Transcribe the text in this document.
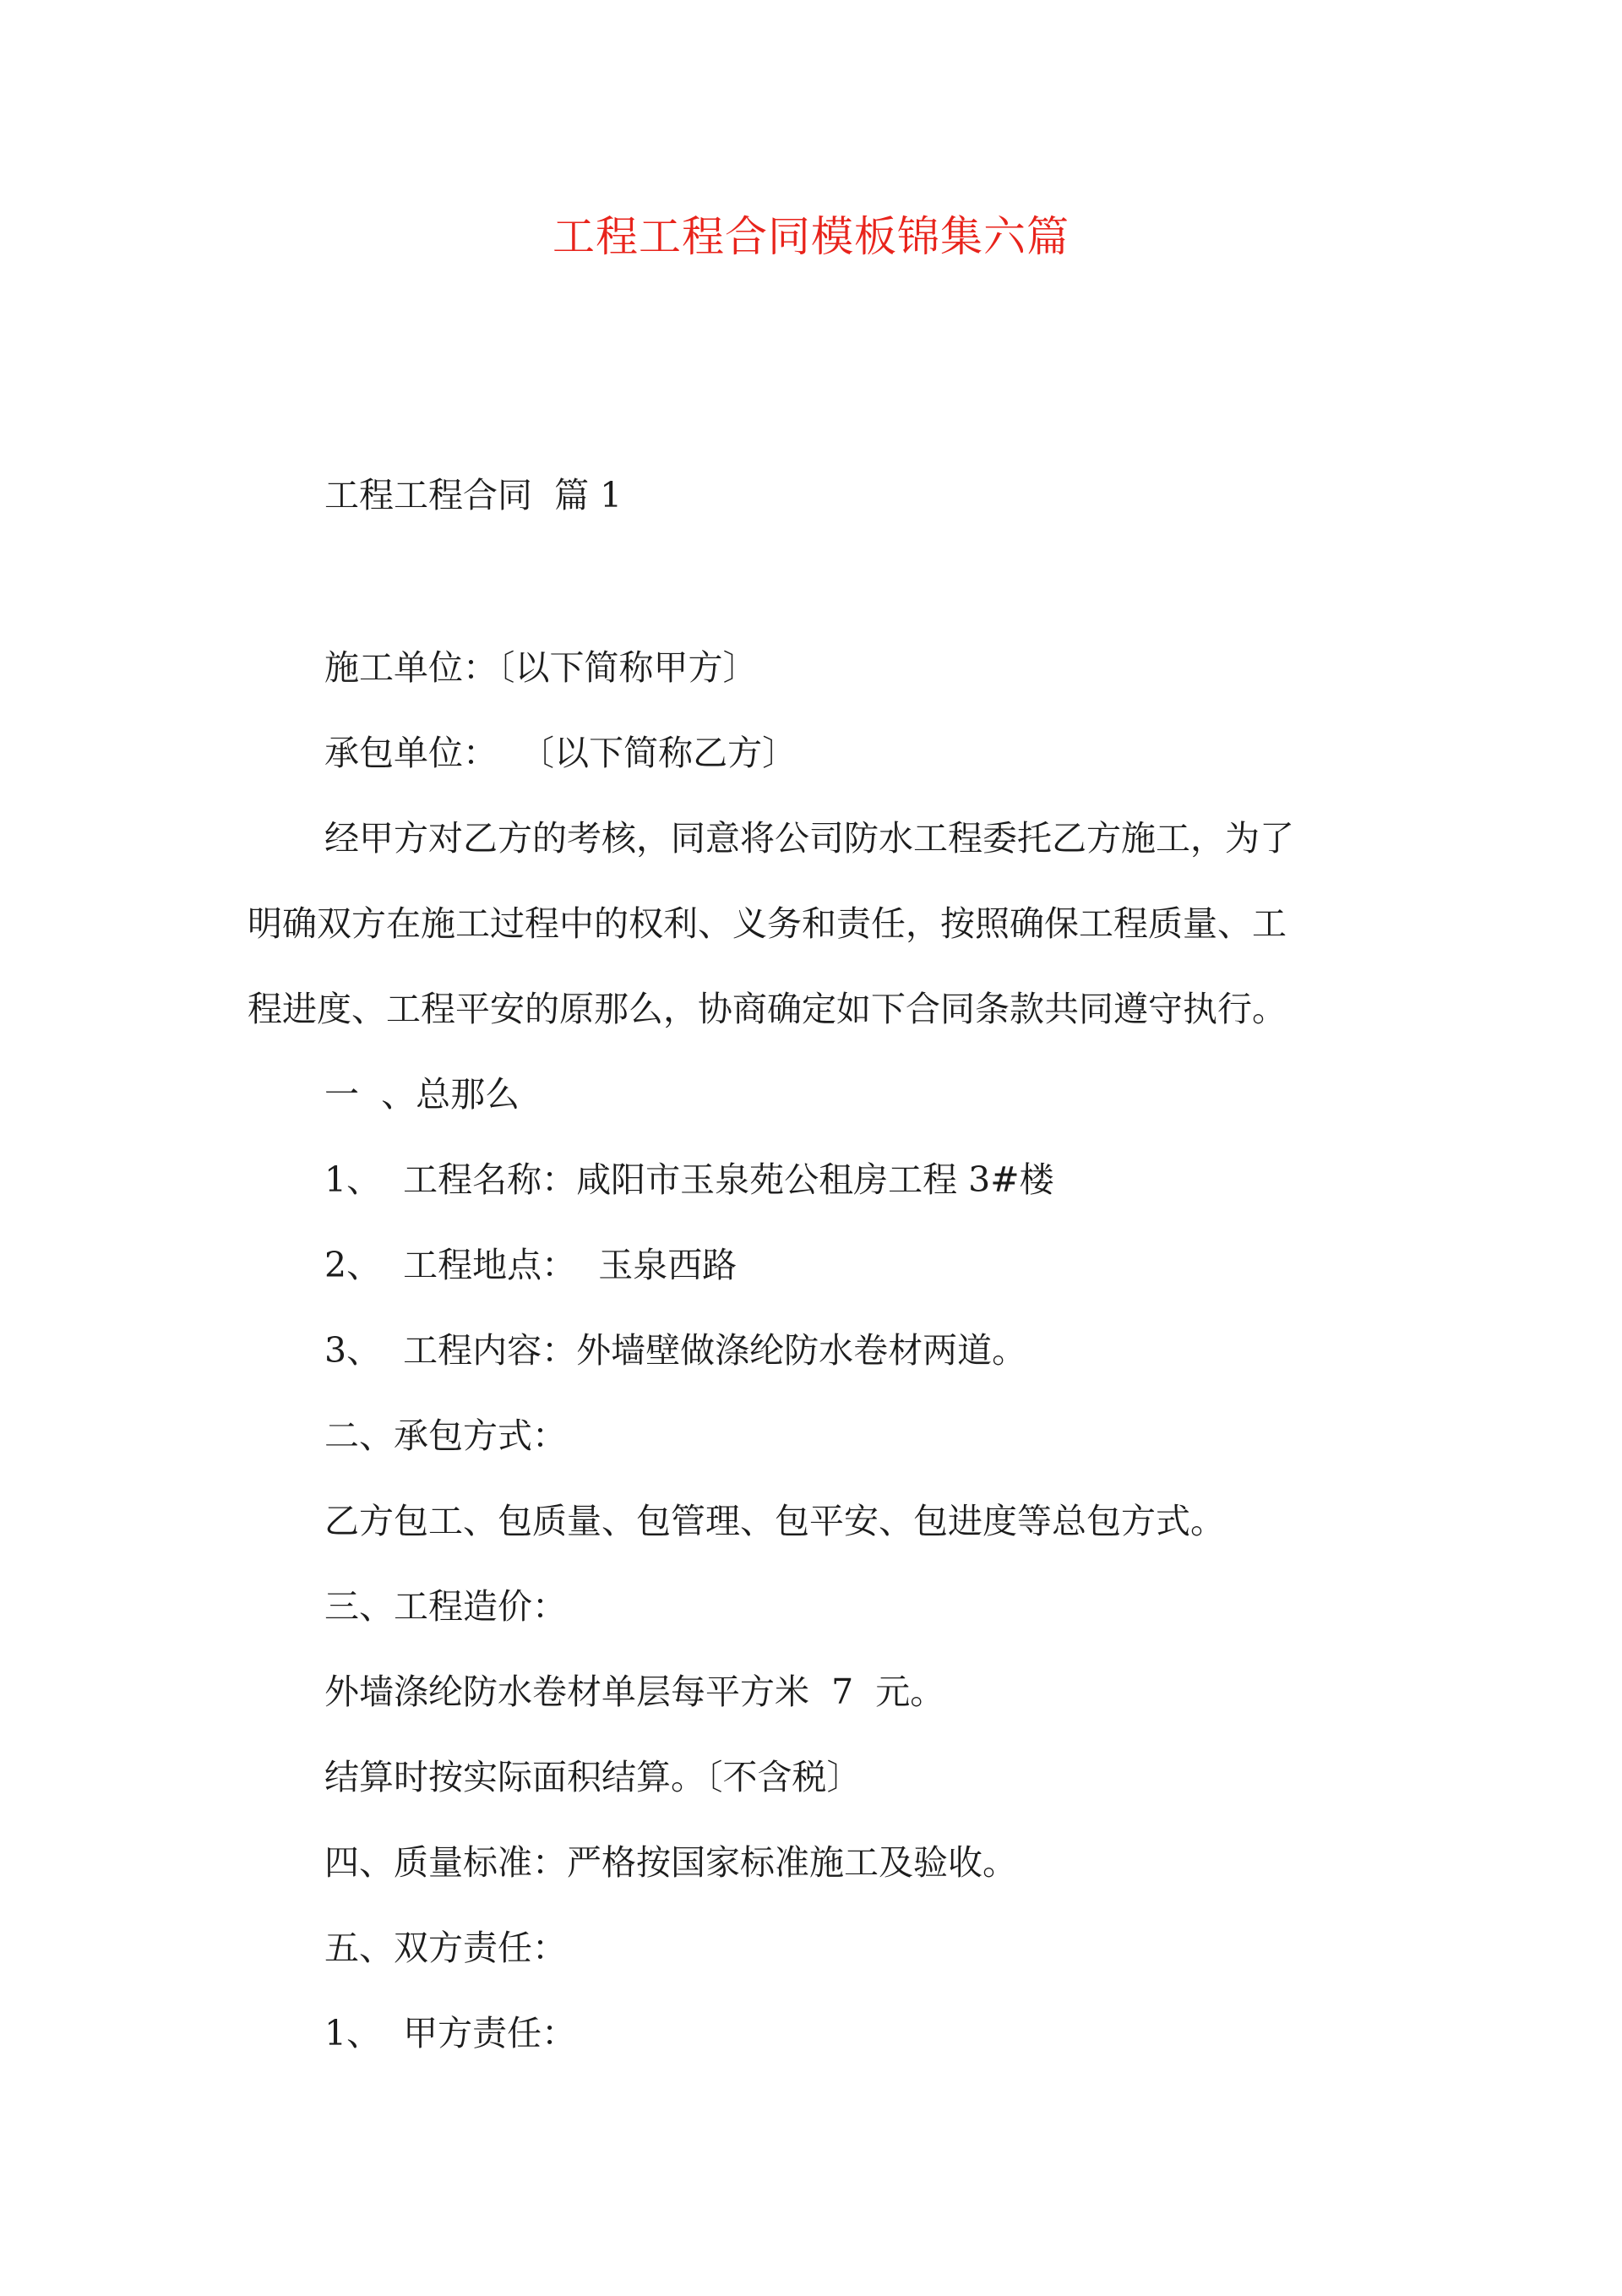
工程工程合同模板锦集六篇
工程工程合同  篇 1
施工单位：〔以下简称甲方〕
承包单位：  〔以下简称乙方〕
经甲方对乙方的考核，同意将公司防水工程委托乙方施工，为了
明确双方在施工过程中的权利、义务和责任，按照确保工程质量、工
程进度、工程平安的原那么，协商确定如下合同条款共同遵守执行。
一  、总那么
1、  工程名称：咸阳市玉泉苑公租房工程 3#楼
2、  工程地点：  玉泉西路
3、  工程内容：外墙壁做涤纶防水卷材两道。
二、承包方式：
乙方包工、包质量、包管理、包平安、包进度等总包方式。
三、工程造价：
外墙涤纶防水卷材单层每平方米  7  元。
结算时按实际面积结算。〔不含税〕
四、质量标准：严格按国家标准施工及验收。
五、双方责任：
1、  甲方责任：
